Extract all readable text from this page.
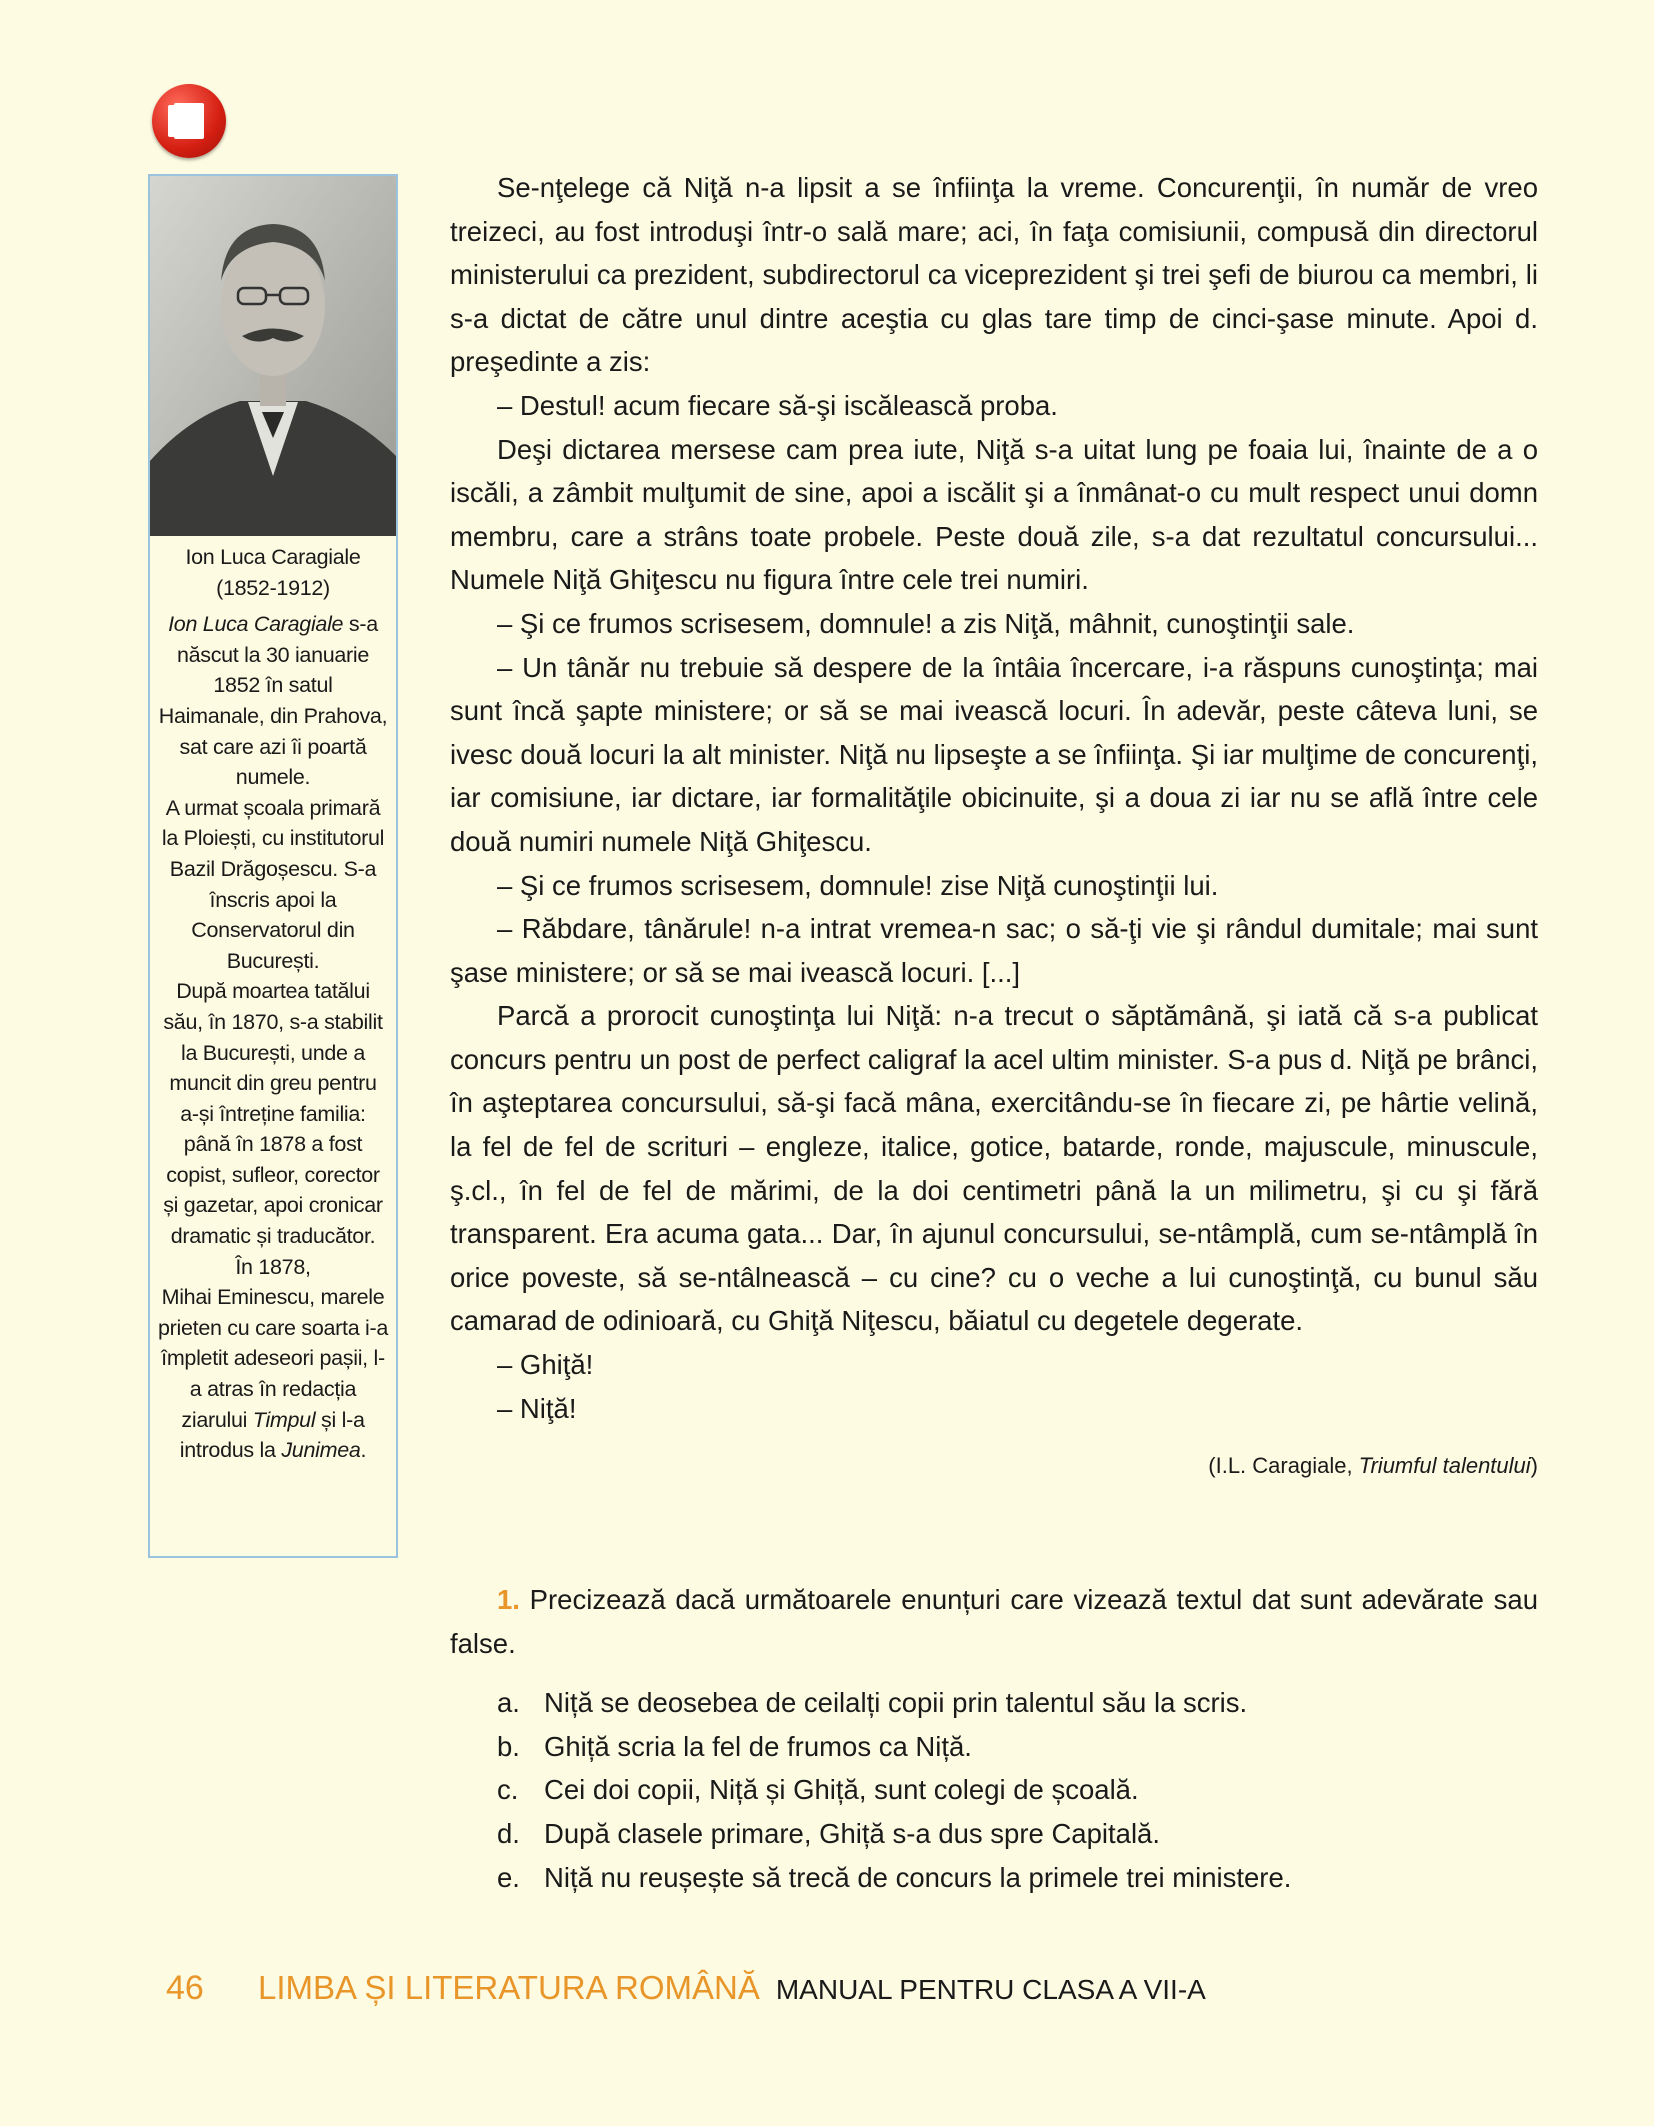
Ion Luca Caragiale
(1852-1912)

Ion Luca Caragiale s-a născut la 30 ianuarie 1852 în satul Haimanale, din Prahova, sat care azi îi poartă numele.

A urmat școala primară la Ploiești, cu institutorul Bazil Drăgoșescu. S-a înscris apoi la Conservatorul din București.

După moartea tatălui său, în 1870, s-a stabilit la București, unde a muncit din greu pentru a-și întreține familia: până în 1878 a fost copist, sufleor, corector și gazetar, apoi cronicar dramatic și traducător.

În 1878,
Mihai Eminescu, marele prieten cu care soarta i-a împletit adeseori pașii, l-a atras în redacția ziarului Timpul și l-a introdus la Junimea.

Se-nţelege că Niţă n-a lipsit a se înfiinţa la vreme. Concurenţii, în număr de vreo treizeci, au fost introduşi într-o sală mare; aci, în faţa comisiunii, compusă din directorul ministerului ca prezident, subdirectorul ca viceprezident şi trei şefi de biurou ca membri, li s-a dictat de către unul dintre aceştia cu glas tare timp de cinci-şase minute. Apoi d. preşedinte a zis:

– Destul! acum fiecare să-şi iscălească proba.

Deşi dictarea mersese cam prea iute, Niţă s-a uitat lung pe foaia lui, înainte de a o iscăli, a zâmbit mulţumit de sine, apoi a iscălit şi a înmânat-o cu mult respect unui domn membru, care a strâns toate probele. Peste două zile, s-a dat rezultatul concursului... Numele Niţă Ghiţescu nu figura între cele trei numiri.

– Şi ce frumos scrisesem, domnule! a zis Niţă, mâhnit, cunoştinţii sale.

– Un tânăr nu trebuie să despere de la întâia încercare, i-a răspuns cunoştinţa; mai sunt încă şapte ministere; or să se mai ivească locuri. În adevăr, peste câteva luni, se ivesc două locuri la alt minister. Niţă nu lipseşte a se înfiinţa. Şi iar mulţime de concurenţi, iar comisiune, iar dictare, iar formalităţile obicinuite, şi a doua zi iar nu se află între cele două numiri numele Niţă Ghiţescu.

– Şi ce frumos scrisesem, domnule! zise Niţă cunoştinţii lui.

– Răbdare, tânărule! n-a intrat vremea-n sac; o să-ţi vie şi rândul dumitale; mai sunt şase ministere; or să se mai ivească locuri. [...]

Parcă a prorocit cunoştinţa lui Niţă: n-a trecut o săptămână, şi iată că s-a publicat concurs pentru un post de perfect caligraf la acel ultim minister. S-a pus d. Niţă pe brânci, în aşteptarea concursului, să-şi facă mâna, exercitându-se în fiecare zi, pe hârtie velină, la fel de fel de scrituri – engleze, italice, gotice, batarde, ronde, majuscule, minuscule, ş.cl., în fel de fel de mărimi, de la doi centimetri până la un milimetru, şi cu şi fără transparent. Era acuma gata... Dar, în ajunul concursului, se-ntâmplă, cum se-ntâmplă în orice poveste, să se-ntâlnească – cu cine? cu o veche a lui cunoştinţă, cu bunul său camarad de odinioară, cu Ghiţă Niţescu, băiatul cu degetele degerate.

– Ghiţă!

– Niţă!

(I.L. Caragiale, Triumful talentului)

1. Precizează dacă următoarele enunțuri care vizează textul dat sunt adevărate sau false.

a. Niță se deosebea de ceilalți copii prin talentul său la scris.
b. Ghiță scria la fel de frumos ca Niță.
c. Cei doi copii, Niță și Ghiță, sunt colegi de școală.
d. După clasele primare, Ghiță s-a dus spre Capitală.
e. Niță nu reușește să trecă de concurs la primele trei ministere.
46	LIMBA ȘI LITERATURA ROMÂNĂ MANUAL PENTRU CLASA A VII-A
